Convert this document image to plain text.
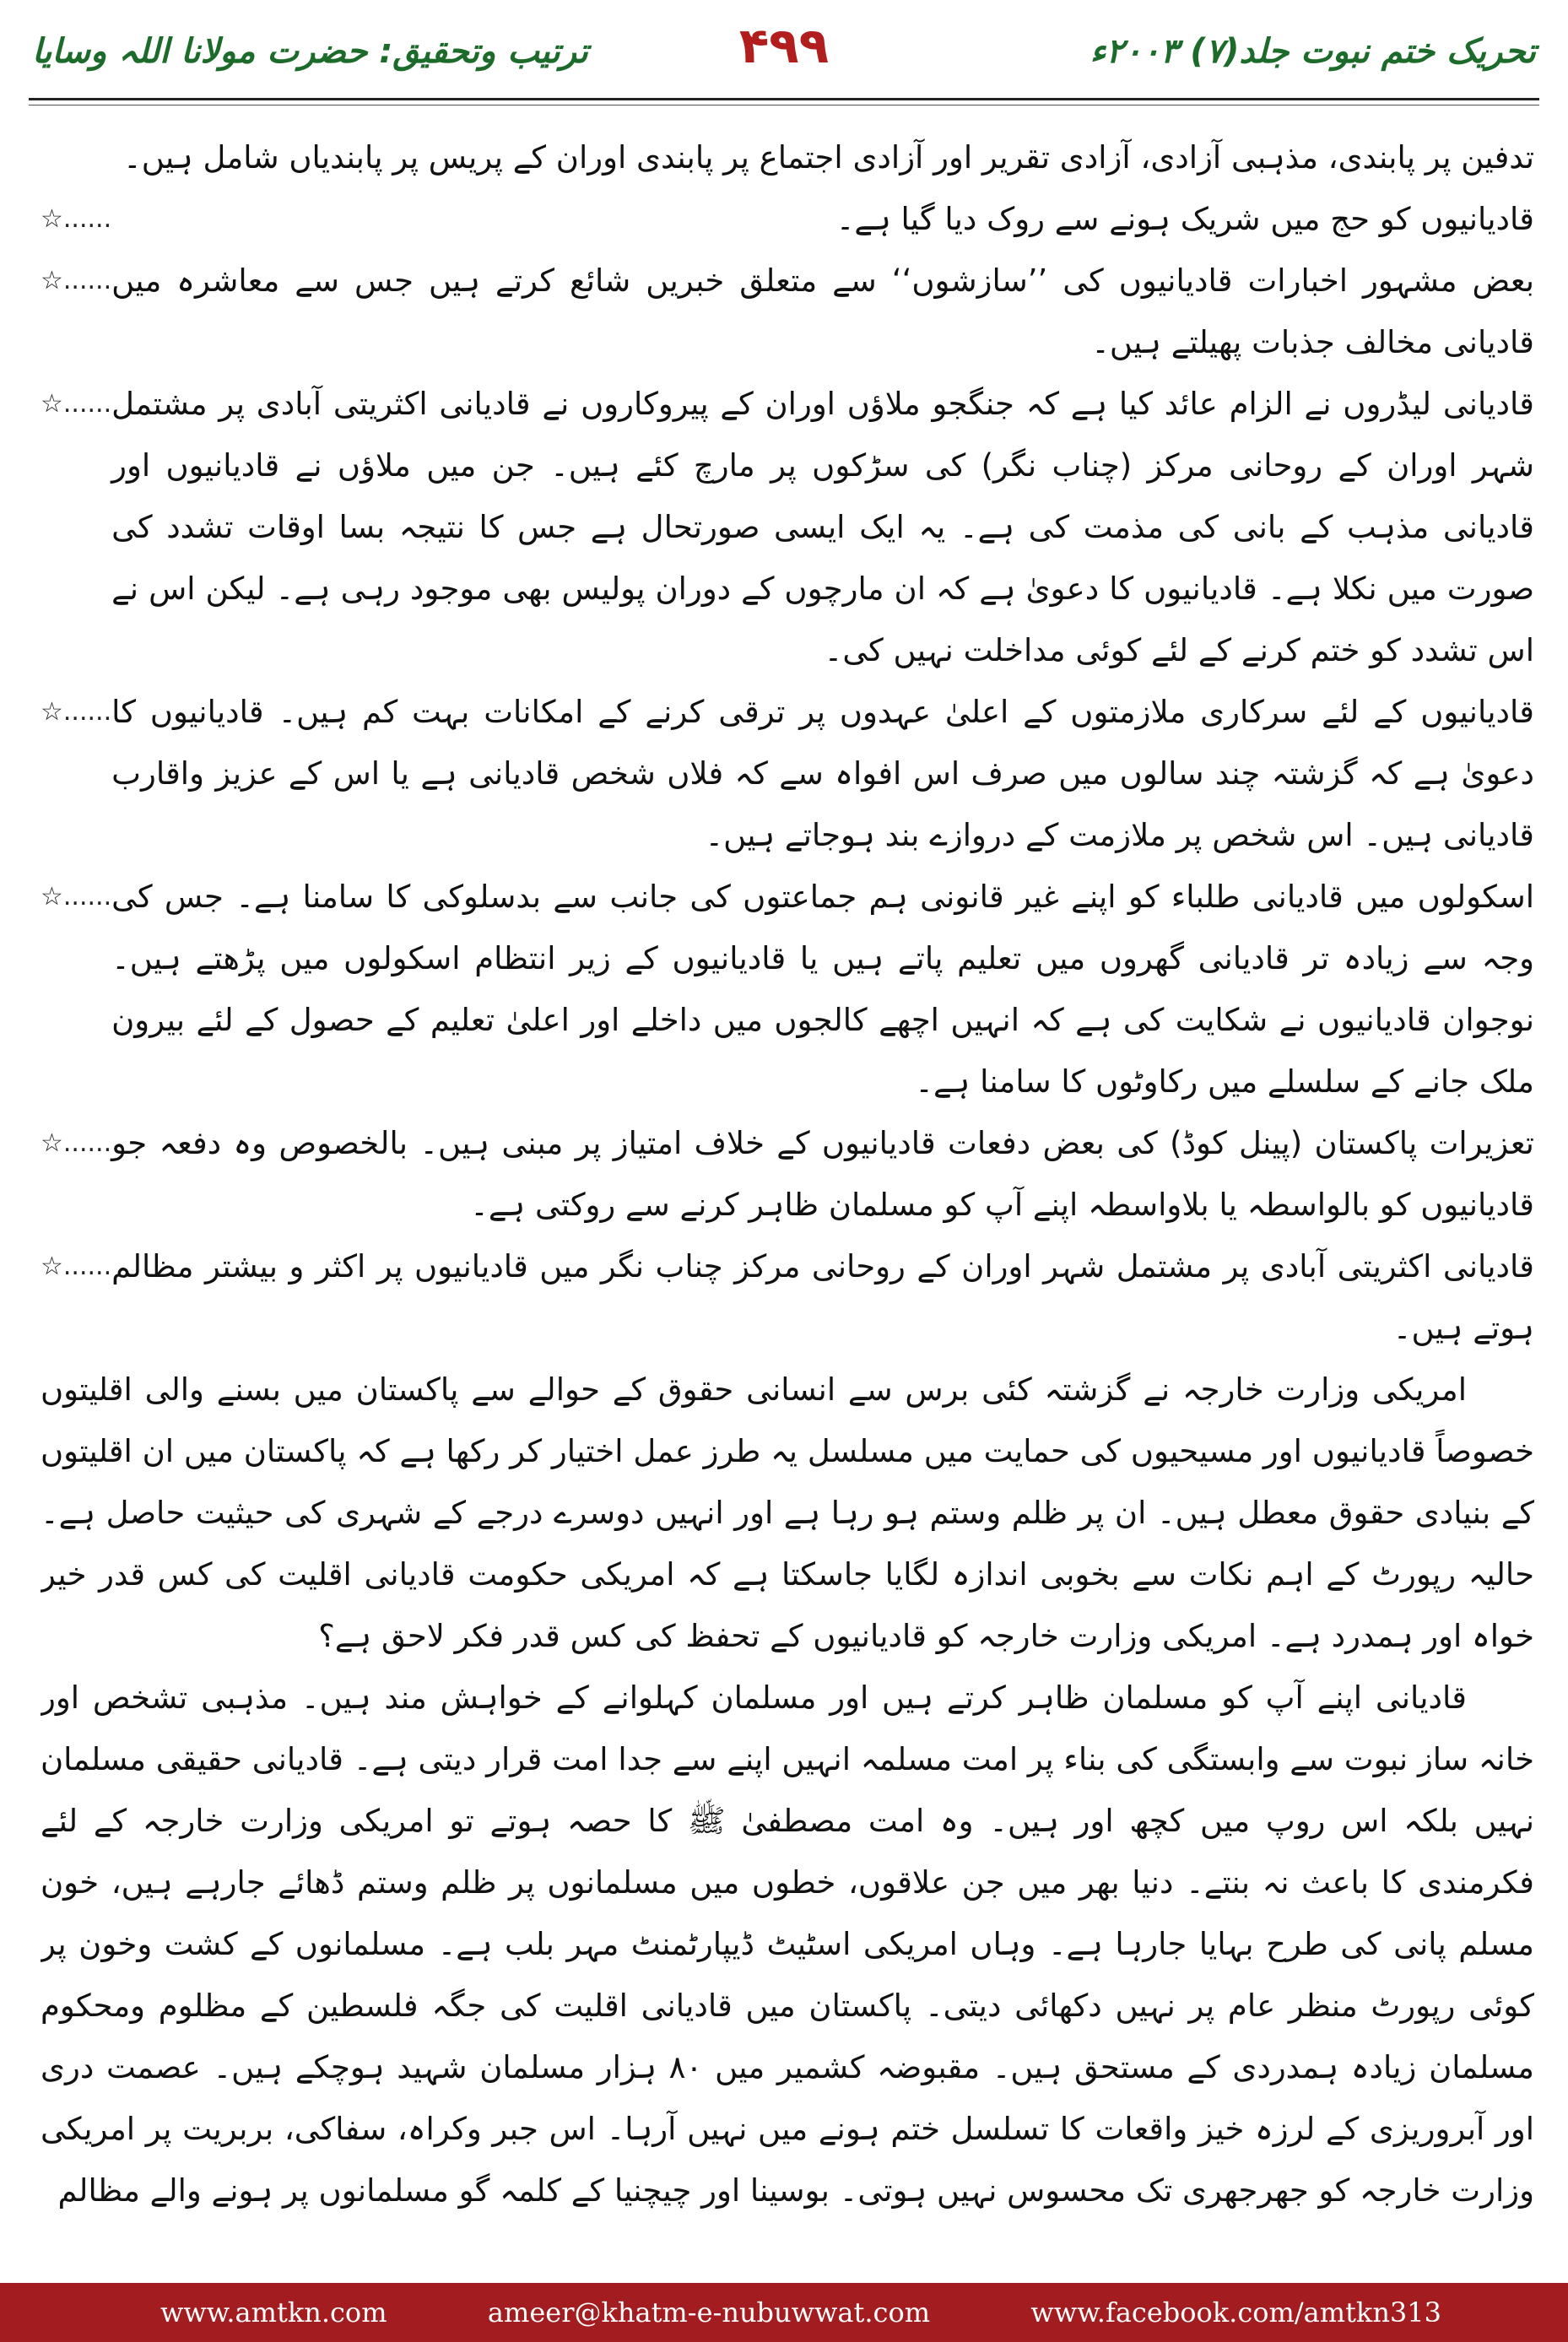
تحریک ختم نبوت جلد(۷) ۲۰۰۳ء
۴۹۹
ترتیب وتحقیق: حضرت مولانا اللہ وسایا

تدفین پر پابندی، مذہبی آزادی، آزادی تقریر اور آزادی اجتماع پر پابندی اوران کے پریس پر پابندیاں شامل ہیں۔

قادیانیوں کو حج میں شریک ہونے سے روک دیا گیا ہے۔
☆......
بعض مشہور اخبارات قادیانیوں کی ’’سازشوں‘‘ سے متعلق خبریں شائع کرتے ہیں جس سے معاشرہ میں قادیانی مخالف جذبات پھیلتے ہیں۔
☆......
قادیانی لیڈروں نے الزام عائد کیا ہے کہ جنگجو ملاؤں اوران کے پیروکاروں نے قادیانی اکثریتی آبادی پر مشتمل شہر اوران کے روحانی مرکز (چناب نگر) کی سڑکوں پر مارچ کئے ہیں۔ جن میں ملاؤں نے قادیانیوں اور قادیانی مذہب کے بانی کی مذمت کی ہے۔ یہ ایک ایسی صورتحال ہے جس کا نتیجہ بسا اوقات تشدد کی صورت میں نکلا ہے۔ قادیانیوں کا دعویٰ ہے کہ ان مارچوں کے دوران پولیس بھی موجود رہی ہے۔ لیکن اس نے اس تشدد کو ختم کرنے کے لئے کوئی مداخلت نہیں کی۔
☆......
قادیانیوں کے لئے سرکاری ملازمتوں کے اعلیٰ عہدوں پر ترقی کرنے کے امکانات بہت کم ہیں۔ قادیانیوں کا دعویٰ ہے کہ گزشتہ چند سالوں میں صرف اس افواہ سے کہ فلاں شخص قادیانی ہے یا اس کے عزیز واقارب قادیانی ہیں۔ اس شخص پر ملازمت کے دروازے بند ہوجاتے ہیں۔
☆......
اسکولوں میں قادیانی طلباء کو اپنے غیر قانونی ہم جماعتوں کی جانب سے بدسلوکی کا سامنا ہے۔ جس کی وجہ سے زیادہ تر قادیانی گھروں میں تعلیم پاتے ہیں یا قادیانیوں کے زیر انتظام اسکولوں میں پڑھتے ہیں۔ نوجوان قادیانیوں نے شکایت کی ہے کہ انہیں اچھے کالجوں میں داخلے اور اعلیٰ تعلیم کے حصول کے لئے بیرون ملک جانے کے سلسلے میں رکاوٹوں کا سامنا ہے۔
☆......
تعزیرات پاکستان (پینل کوڈ) کی بعض دفعات قادیانیوں کے خلاف امتیاز پر مبنی ہیں۔ بالخصوص وہ دفعہ جو قادیانیوں کو بالواسطہ یا بلاواسطہ اپنے آپ کو مسلمان ظاہر کرنے سے روکتی ہے۔
☆......
قادیانی اکثریتی آبادی پر مشتمل شہر اوران کے روحانی مرکز چناب نگر میں قادیانیوں پر اکثر و بیشتر مظالم ہوتے ہیں۔
☆......

امریکی وزارت خارجہ نے گزشتہ کئی برس سے انسانی حقوق کے حوالے سے پاکستان میں بسنے والی اقلیتوں خصوصاً قادیانیوں اور مسیحیوں کی حمایت میں مسلسل یہ طرز عمل اختیار کر رکھا ہے کہ پاکستان میں ان اقلیتوں کے بنیادی حقوق معطل ہیں۔ ان پر ظلم وستم ہو رہا ہے اور انہیں دوسرے درجے کے شہری کی حیثیت حاصل ہے۔ حالیہ رپورٹ کے اہم نکات سے بخوبی اندازہ لگایا جاسکتا ہے کہ امریکی حکومت قادیانی اقلیت کی کس قدر خیر خواہ اور ہمدرد ہے۔ امریکی وزارت خارجہ کو قادیانیوں کے تحفظ کی کس قدر فکر لاحق ہے؟

قادیانی اپنے آپ کو مسلمان ظاہر کرتے ہیں اور مسلمان کہلوانے کے خواہش مند ہیں۔ مذہبی تشخص اور خانہ ساز نبوت سے وابستگی کی بناء پر امت مسلمہ انہیں اپنے سے جدا امت قرار دیتی ہے۔ قادیانی حقیقی مسلمان نہیں بلکہ اس روپ میں کچھ اور ہیں۔ وہ امت مصطفیٰ ﷺ کا حصہ ہوتے تو امریکی وزارت خارجہ کے لئے فکرمندی کا باعث نہ بنتے۔ دنیا بھر میں جن علاقوں، خطوں میں مسلمانوں پر ظلم وستم ڈھائے جارہے ہیں، خون مسلم پانی کی طرح بہایا جارہا ہے۔ وہاں امریکی اسٹیٹ ڈیپارٹمنٹ مہر بلب ہے۔ مسلمانوں کے کشت وخون پر کوئی رپورٹ منظر عام پر نہیں دکھائی دیتی۔ پاکستان میں قادیانی اقلیت کی جگہ فلسطین کے مظلوم ومحکوم مسلمان زیادہ ہمدردی کے مستحق ہیں۔ مقبوضہ کشمیر میں ۸۰ ہزار مسلمان شہید ہوچکے ہیں۔ عصمت دری اور آبروریزی کے لرزہ خیز واقعات کا تسلسل ختم ہونے میں نہیں آرہا۔ اس جبر وکراہ، سفاکی، بربریت پر امریکی وزارت خارجہ کو جھرجھری تک محسوس نہیں ہوتی۔ بوسینا اور چیچنیا کے کلمہ گو مسلمانوں پر ہونے والے مظالم

www.amtkn.com	ameer@khatm-e-nubuwwat.com	www.facebook.com/amtkn313
